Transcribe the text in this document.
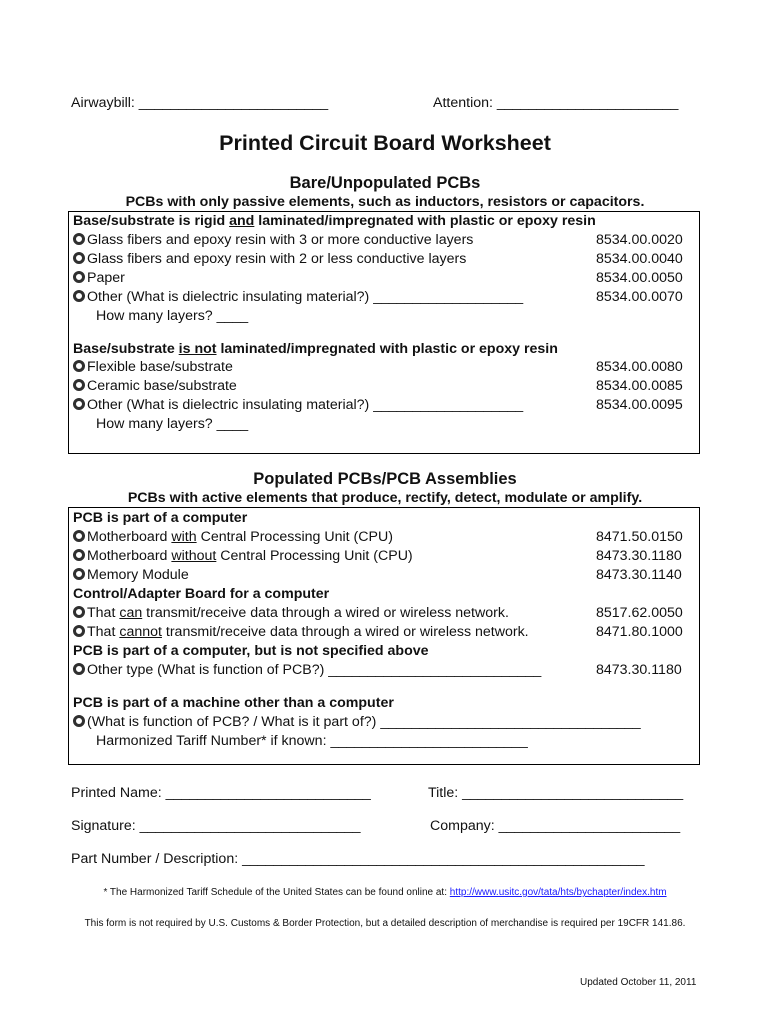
Airwaybill: ________________________	Attention: _______________________
Printed Circuit Board Worksheet
Bare/Unpopulated PCBs
PCBs with only passive elements, such as inductors, resistors or capacitors.
Base/substrate is rigid and laminated/impregnated with plastic or epoxy resin
Glass fibers and epoxy resin with 3 or more conductive layers	8534.00.0020
Glass fibers and epoxy resin with 2 or less conductive layers	8534.00.0040
Paper	8534.00.0050
Other (What is dielectric insulating material?) ___________________	8534.00.0070
How many layers? ____
Base/substrate is not laminated/impregnated with plastic or epoxy resin
Flexible base/substrate	8534.00.0080
Ceramic base/substrate	8534.00.0085
Other (What is dielectric insulating material?) ___________________	8534.00.0095
How many layers? ____
Populated PCBs/PCB Assemblies
PCBs with active elements that produce, rectify, detect, modulate or amplify.
PCB is part of a computer
Motherboard with Central Processing Unit (CPU)	8471.50.0150
Motherboard without Central Processing Unit (CPU)	8473.30.1180
Memory Module	8473.30.1140
Control/Adapter Board for a computer
That can transmit/receive data through a wired or wireless network.	8517.62.0050
That cannot transmit/receive data through a wired or wireless network.	8471.80.1000
PCB is part of a computer, but is not specified above
Other type (What is function of PCB?) ___________________________	8473.30.1180
PCB is part of a machine other than a computer
(What is function of PCB? / What is it part of?) _________________________________
Harmonized Tariff Number* if known: _________________________
Printed Name: __________________________	Title: ____________________________
Signature: ____________________________	Company: _______________________
Part Number / Description: ___________________________________________________
* The Harmonized Tariff Schedule of the United States can be found online at: http://www.usitc.gov/tata/hts/bychapter/index.htm
This form is not required by U.S. Customs & Border Protection, but a detailed description of merchandise is required per 19CFR 141.86.
Updated October 11, 2011
